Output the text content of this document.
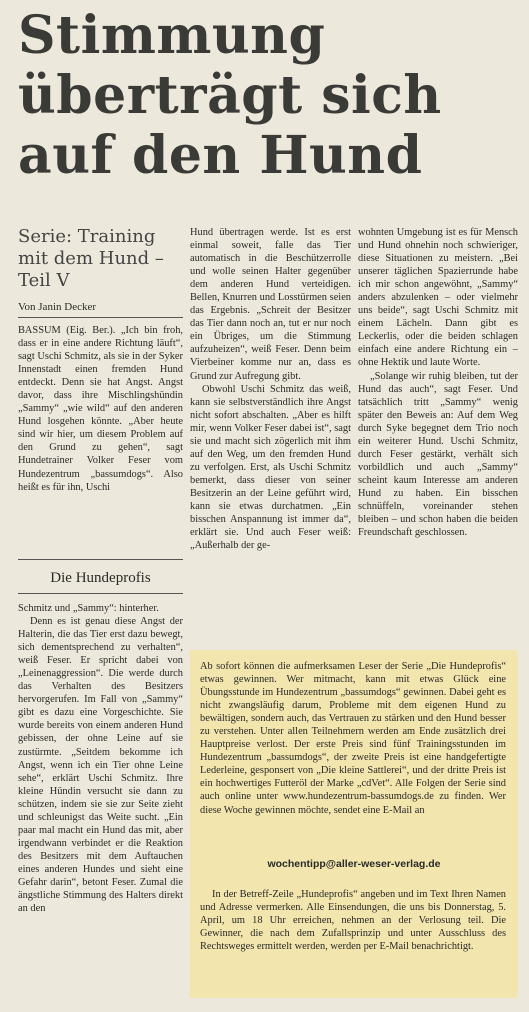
Stimmung
überträgt sich
auf den Hund
Serie: Training
mit dem Hund –
Teil V
Von Janin Decker

BASSUM (Eig. Ber.). „Ich bin froh, dass er in eine andere Richtung läuft“, sagt Uschi Schmitz, als sie in der Syker Innenstadt einen fremden Hund entdeckt. Denn sie hat Angst. Angst davor, dass ihre Mischlingshündin „Sammy“ „wie wild“ auf den anderen Hund losgehen könnte. „Aber heute sind wir hier, um diesem Problem auf den Grund zu gehen“, sagt Hundetrainer Volker Feser vom Hundezentrum „bassumdogs“. Also heißt es für ihn, Uschi

Die Hundeprofis

Schmitz und „Sammy“: hinterher.

Denn es ist genau diese Angst der Halterin, die das Tier erst dazu bewegt, sich dementsprechend zu verhalten“, weiß Feser. Er spricht dabei von „Leinenaggression“. Die werde durch das Verhalten des Besitzers hervorgerufen. Im Fall von „Sammy“ gibt es dazu eine Vorgeschichte. Sie wurde bereits von einem anderen Hund gebissen, der ohne Leine auf sie zustürmte. „Seitdem bekomme ich Angst, wenn ich ein Tier ohne Leine sehe“, erklärt Uschi Schmitz. Ihre kleine Hündin versucht sie dann zu schützen, indem sie sie zur Seite zieht und schleunigst das Weite sucht. „Ein paar mal macht ein Hund das mit, aber irgendwann verbindet er die Reaktion des Besitzers mit dem Auftauchen eines anderen Hundes und sieht eine Gefahr darin“, betont Feser. Zumal die ängstliche Stimmung des Halters direkt an den

Hund übertragen werde. Ist es erst einmal soweit, falle das Tier automatisch in die Beschützerrolle und wolle seinen Halter gegenüber dem anderen Hund verteidigen. Bellen, Knurren und Losstürmen seien das Ergebnis. „Schreit der Besitzer das Tier dann noch an, tut er nur noch ein Übriges, um die Stimmung aufzuheizen“, weiß Feser. Denn beim Vierbeiner komme nur an, dass es Grund zur Aufregung gibt.

Obwohl Uschi Schmitz das weiß, kann sie selbstverständlich ihre Angst nicht sofort abschalten. „Aber es hilft mir, wenn Volker Feser dabei ist“, sagt sie und macht sich zögerlich mit ihm auf den Weg, um den fremden Hund zu verfolgen. Erst, als Uschi Schmitz bemerkt, dass dieser von seiner Besitzerin an der Leine geführt wird, kann sie etwas durchatmen. „Ein bisschen Anspannung ist immer da“, erklärt sie. Und auch Feser weiß: „Außerhalb der ge-

wohnten Umgebung ist es für Mensch und Hund ohnehin noch schwieriger, diese Situationen zu meistern. „Bei unserer täglichen Spazierrunde habe ich mir schon angewöhnt, „Sammy“ anders abzulenken – oder vielmehr uns beide“, sagt Uschi Schmitz mit einem Lächeln. Dann gibt es Leckerlis, oder die beiden schlagen einfach eine andere Richtung ein – ohne Hektik und laute Worte.

„Solange wir ruhig bleiben, tut der Hund das auch“, sagt Feser. Und tatsächlich tritt „Sammy“ wenig später den Beweis an: Auf dem Weg durch Syke begegnet dem Trio noch ein weiterer Hund. Uschi Schmitz, durch Feser gestärkt, verhält sich vorbildlich und auch „Sammy“ scheint kaum Interesse am anderen Hund zu haben. Ein bisschen schnüffeln, voreinander stehen bleiben – und schon haben die beiden Freundschaft geschlossen.

Ab sofort können die aufmerksamen Leser der Serie „Die Hundeprofis“ etwas gewinnen. Wer mitmacht, kann mit etwas Glück eine Übungsstunde im Hundezentrum „bassumdogs“ gewinnen. Dabei geht es nicht zwangsläufig darum, Probleme mit dem eigenen Hund zu bewältigen, sondern auch, das Vertrauen zu stärken und den Hund besser zu verstehen. Unter allen Teilnehmern werden am Ende zusätzlich drei Hauptpreise verlost. Der erste Preis sind fünf Trainingsstunden im Hundezentrum „bassumdogs“, der zweite Preis ist eine handgefertigte Lederleine, gesponsert von „Die kleine Sattlerei“, und der dritte Preis ist ein hochwertiges Futteröl der Marke „cdVet“. Alle Folgen der Serie sind auch online unter www.hundezentrum-bassumdogs.de zu finden. Wer diese Woche gewinnen möchte, sendet eine E-Mail an

wochentipp@aller-weser-verlag.de

In der Betreff-Zeile „Hundeprofis“ angeben und im Text Ihren Namen und Adresse vermerken. Alle Einsendungen, die uns bis Donnerstag, 5. April, um 18 Uhr erreichen, nehmen an der Verlosung teil. Die Gewinner, die nach dem Zufallsprinzip und unter Ausschluss des Rechtsweges ermittelt werden, werden per E-Mail benachrichtigt.
